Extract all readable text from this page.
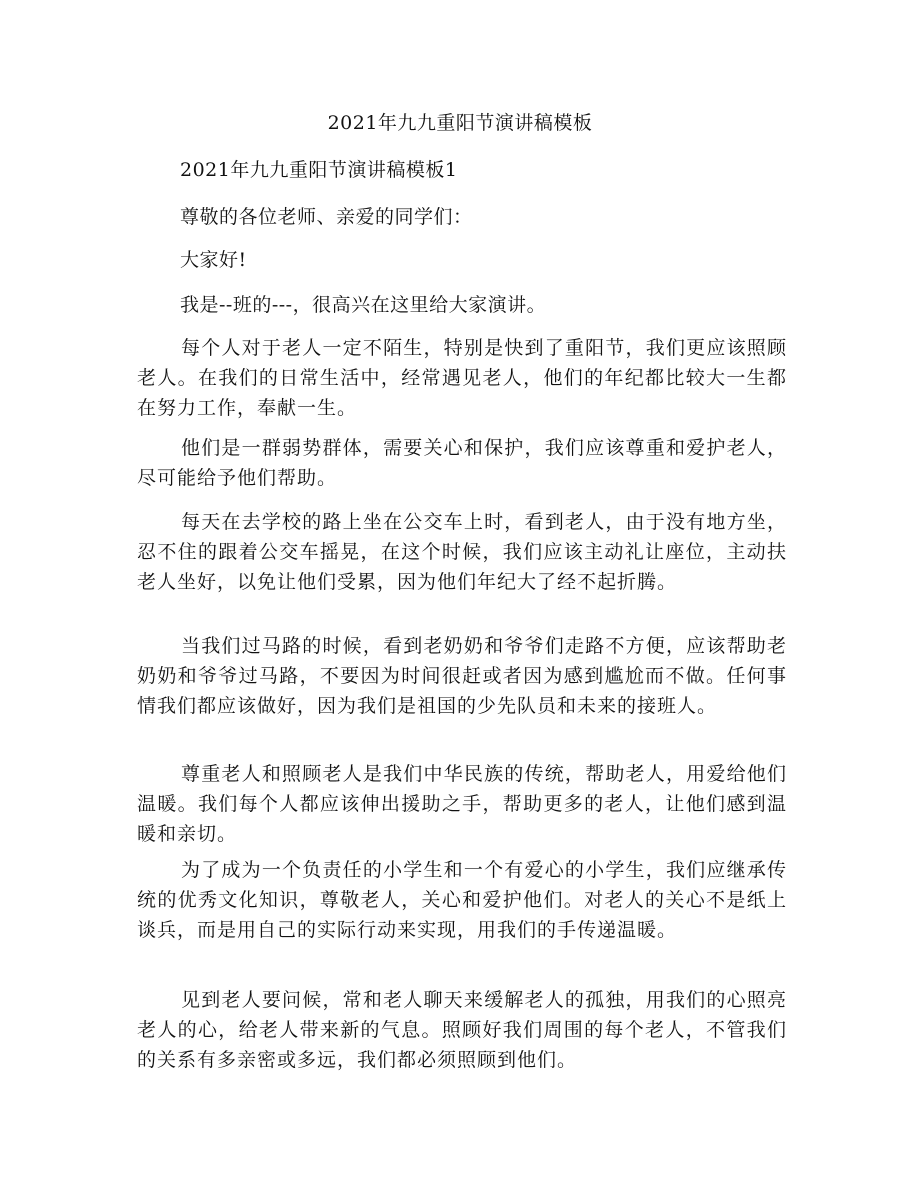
2021年九九重阳节演讲稿模板
2021年九九重阳节演讲稿模板1
尊敬的各位老师、亲爱的同学们：
大家好!
我是--班的---，很高兴在这里给大家演讲。
每个人对于老人一定不陌生，特别是快到了重阳节，我们更应该照顾老人。在我们的日常生活中，经常遇见老人，他们的年纪都比较大一生都在努力工作，奉献一生。
他们是一群弱势群体，需要关心和保护，我们应该尊重和爱护老人，尽可能给予他们帮助。
每天在去学校的路上坐在公交车上时，看到老人，由于没有地方坐，忍不住的跟着公交车摇晃，在这个时候，我们应该主动礼让座位，主动扶老人坐好，以免让他们受累，因为他们年纪大了经不起折腾。
当我们过马路的时候，看到老奶奶和爷爷们走路不方便，应该帮助老奶奶和爷爷过马路，不要因为时间很赶或者因为感到尴尬而不做。任何事情我们都应该做好，因为我们是祖国的少先队员和未来的接班人。
尊重老人和照顾老人是我们中华民族的传统，帮助老人，用爱给他们温暖。我们每个人都应该伸出援助之手，帮助更多的老人，让他们感到温暖和亲切。
为了成为一个负责任的小学生和一个有爱心的小学生，我们应继承传统的优秀文化知识，尊敬老人，关心和爱护他们。对老人的关心不是纸上谈兵，而是用自己的实际行动来实现，用我们的手传递温暖。
见到老人要问候，常和老人聊天来缓解老人的孤独，用我们的心照亮老人的心，给老人带来新的气息。照顾好我们周围的每个老人，不管我们的关系有多亲密或多远，我们都必须照顾到他们。
